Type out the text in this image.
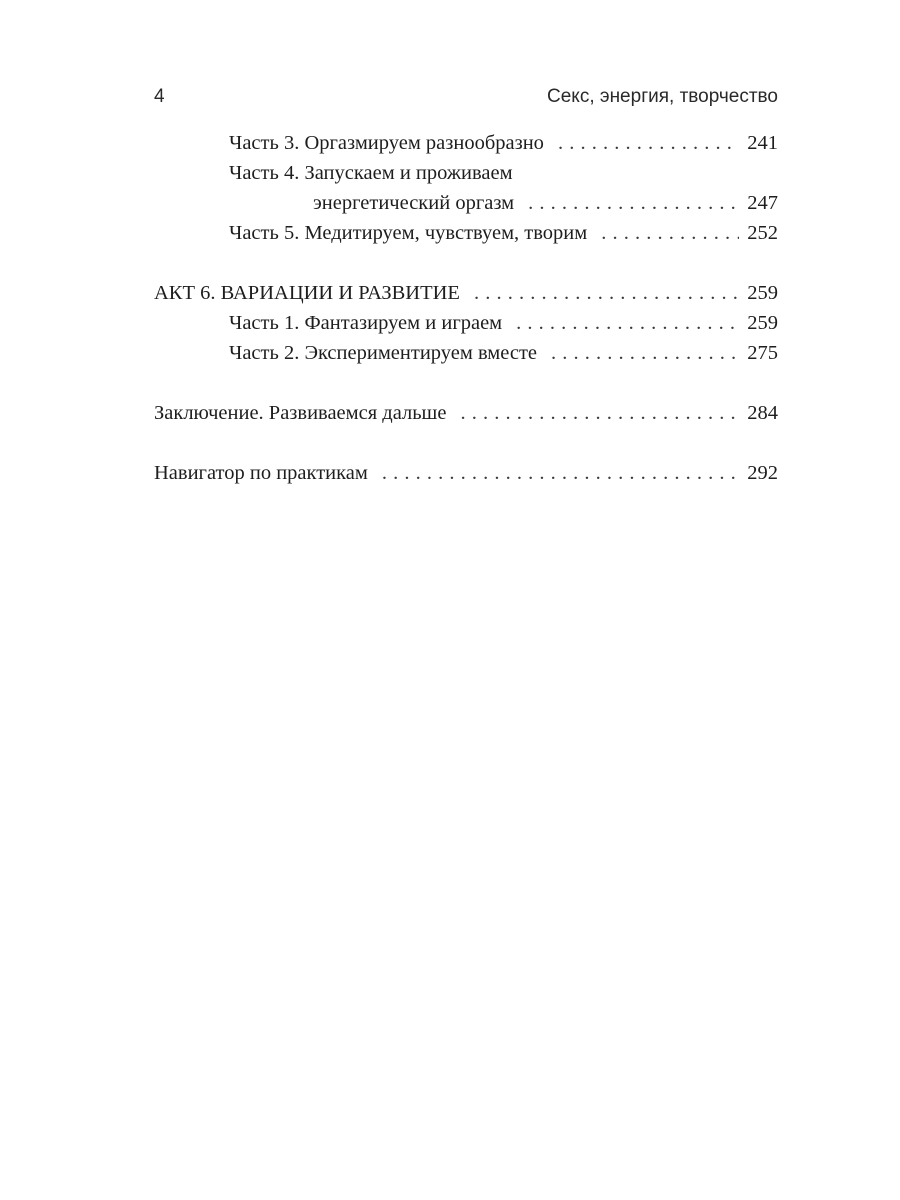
4	Секс, энергия, творчество
Часть 3. Оргазмируем разнообразно . . .	241
Часть 4. Запускаем и проживаем
энергетический оргазм . . .	247
Часть 5. Медитируем, чувствуем, творим . . .	252
АКТ 6. ВАРИАЦИИ И РАЗВИТИЕ . . .	259
Часть 1. Фантазируем и играем . . .	259
Часть 2. Экспериментируем вместе . . .	275
Заключение. Развиваемся дальше . . .	284
Навигатор по практикам . . .	292
